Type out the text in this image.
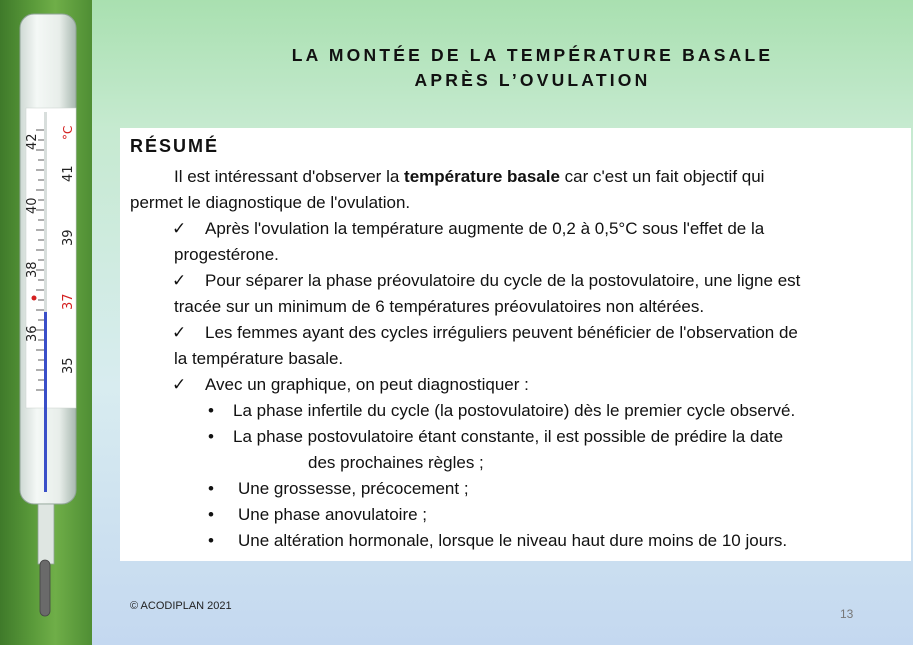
42
41
40
39
38
37
36
35
°C
LA MONTÉE DE LA TEMPÉRATURE BASALE
APRÈS L’OVULATION
RÉSUMÉ
Il est intéressant d'observer la température basale car c'est un fait objectif qui
permet le diagnostique de l'ovulation.
✓ Après l'ovulation la température augmente de 0,2 à 0,5°C sous l'effet de la
progestérone.
✓ Pour séparer la phase préovulatoire du cycle de la postovulatoire, une ligne est
tracée sur un minimum de 6 températures préovulatoires non altérées.
✓ Les femmes ayant des cycles irréguliers peuvent bénéficier de l'observation de
la température basale.
✓ Avec un graphique, on peut diagnostiquer :
• La phase infertile du cycle (la postovulatoire) dès le premier cycle observé.
• La phase postovulatoire étant constante, il est possible de prédire la date
des prochaines règles ;
• Une grossesse, précocement ;
• Une phase anovulatoire ;
• Une altération hormonale, lorsque le niveau haut dure moins de 10 jours.
© ACODIPLAN 2021
13
